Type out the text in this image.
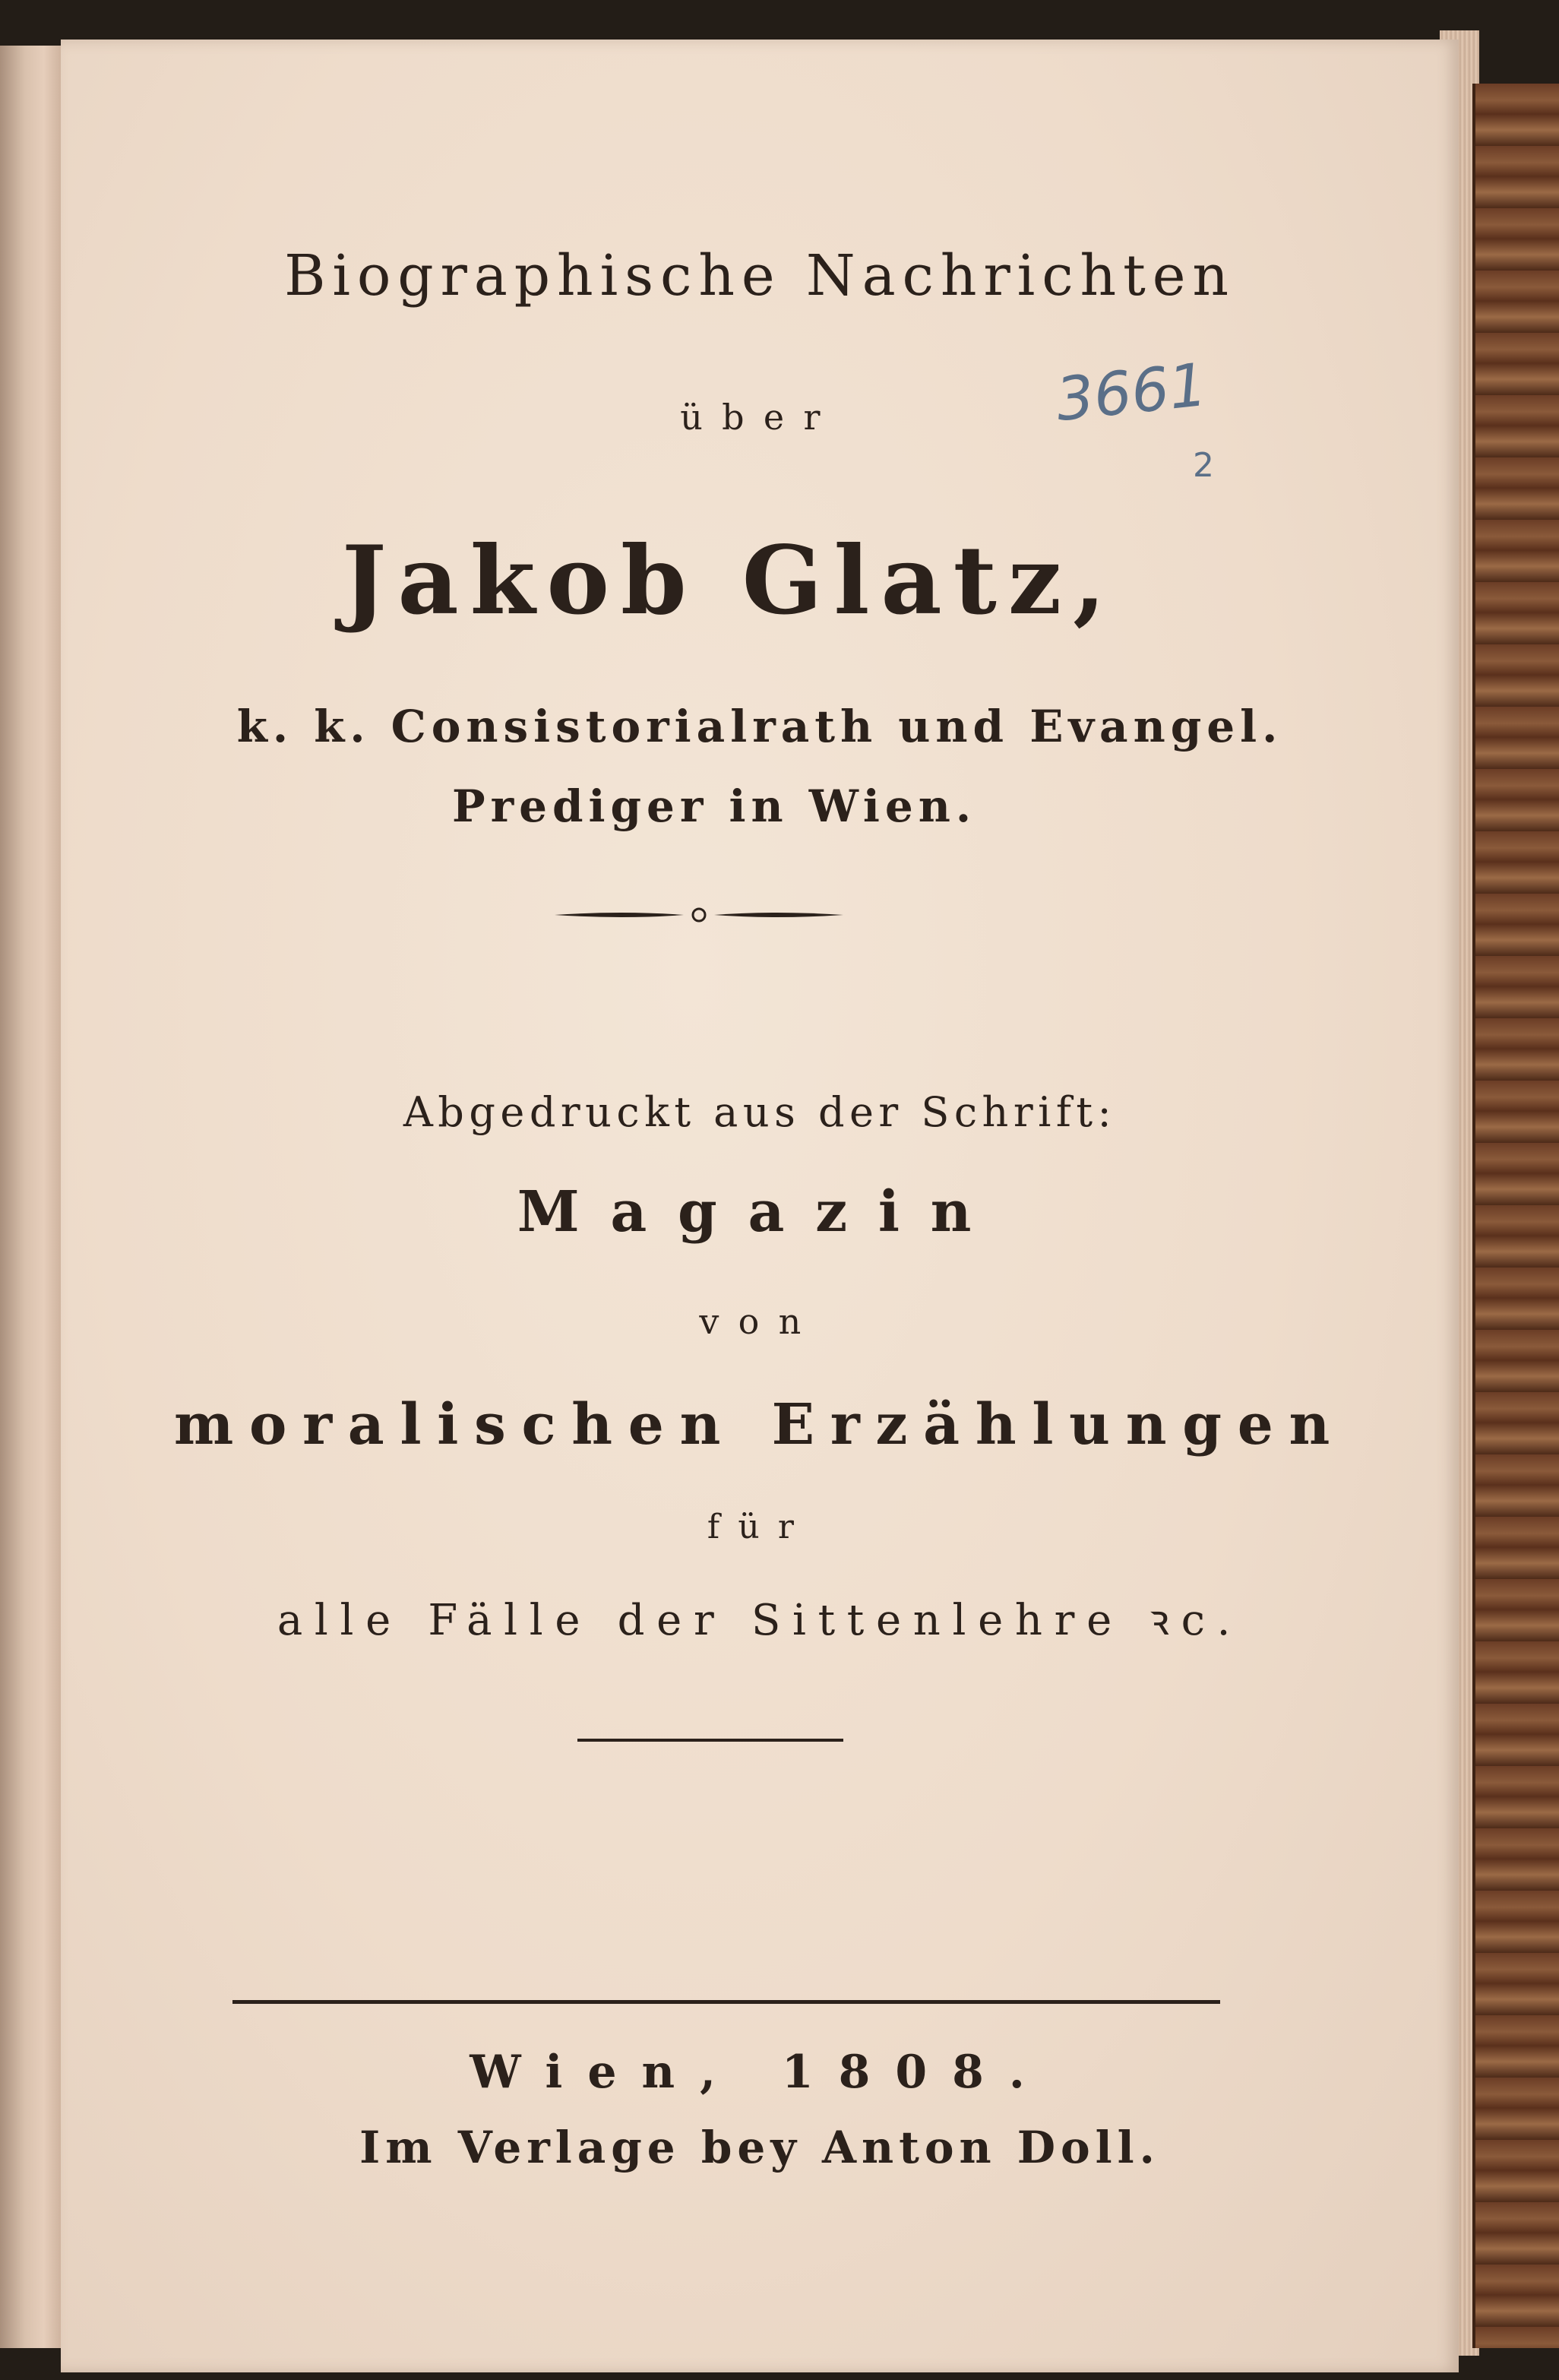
Biographische Nachrichten
über	3661
2
Jakob Glatz,
k. k. Consistorialrath und Evangel.
Prediger in Wien.
Abgedruckt aus der Schrift:
Magazin
von
moralischen Erzählungen
für
alle Fälle der Sittenlehre ꝛc.
Wien, 1808.
Im Verlage bey Anton Doll.
